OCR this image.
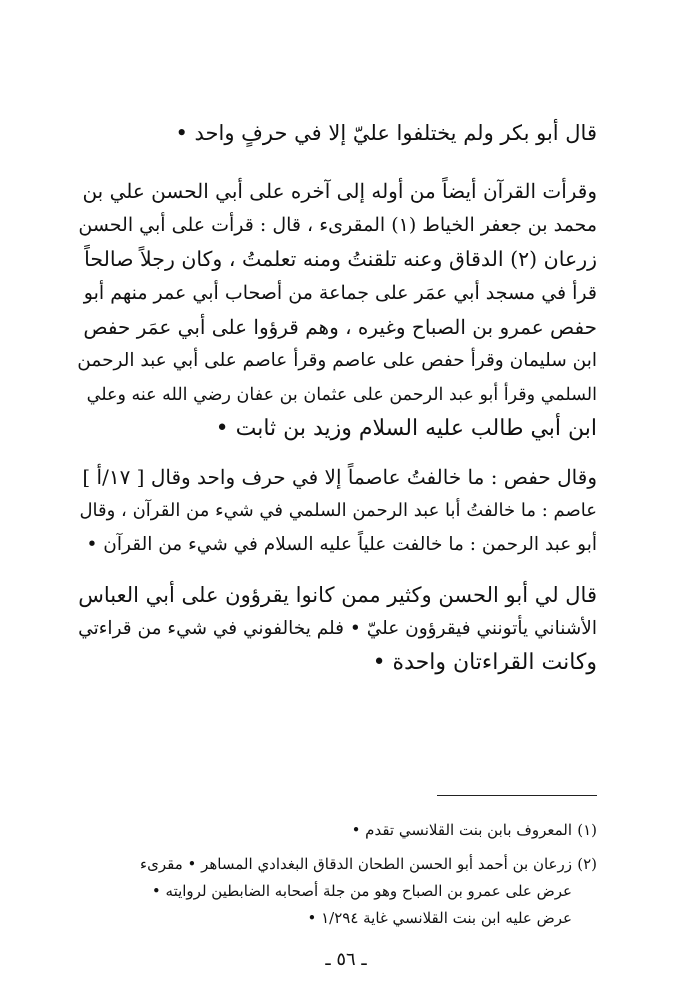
قال أبو بكر ولم يختلفوا عليّ إلا في حرفٍ واحد •
وقرأت القرآن أيضاً من أوله إلى آخره على أبي الحسن علي بن
محمد بن جعفر الخياط (١) المقرىء ، قال : قرأت على أبي الحسن
زرعان (٢) الدقاق وعنه تلقنتُ ومنه تعلمتُ ، وكان رجلاً صالحاً
قرأ في مسجد أبي عمَر على جماعة من أصحاب أبي عمر منهم أبو
حفص عمرو بن الصباح وغيره ، وهم قرؤوا على أبي عمَر حفص
ابن سليمان وقرأ حفص على عاصم وقرأ عاصم على أبي عبد الرحمن
السلمي وقرأ أبو عبد الرحمن على عثمان بن عفان رضي الله عنه وعلي
ابن أبي طالب عليه السلام وزيد بن ثابت •
وقال حفص : ما خالفتُ عاصماً إلا في حرف واحد وقال [ ١٧/أ ]
عاصم : ما خالفتُ أبا عبد الرحمن السلمي في شيء من القرآن ، وقال
أبو عبد الرحمن : ما خالفت علياً عليه السلام في شيء من القرآن •
قال لي أبو الحسن وكثير ممن كانوا يقرؤون على أبي العباس
الأشناني يأتونني فيقرؤون عليّ • فلم يخالفوني في شيء من قراءتي
وكانت القراءتان واحدة •
(١)
المعروف بابن بنت القلانسي تقدم •
(٢)
زرعان بن أحمد أبو الحسن الطحان الدقاق البغدادي المساهر • مقرىء
عرض على عمرو بن الصباح وهو من جلة أصحابه الضابطين لروايته •
عرض عليه ابن بنت القلانسي غاية ١/٢٩٤ •
ـ ٥٦ ـ
